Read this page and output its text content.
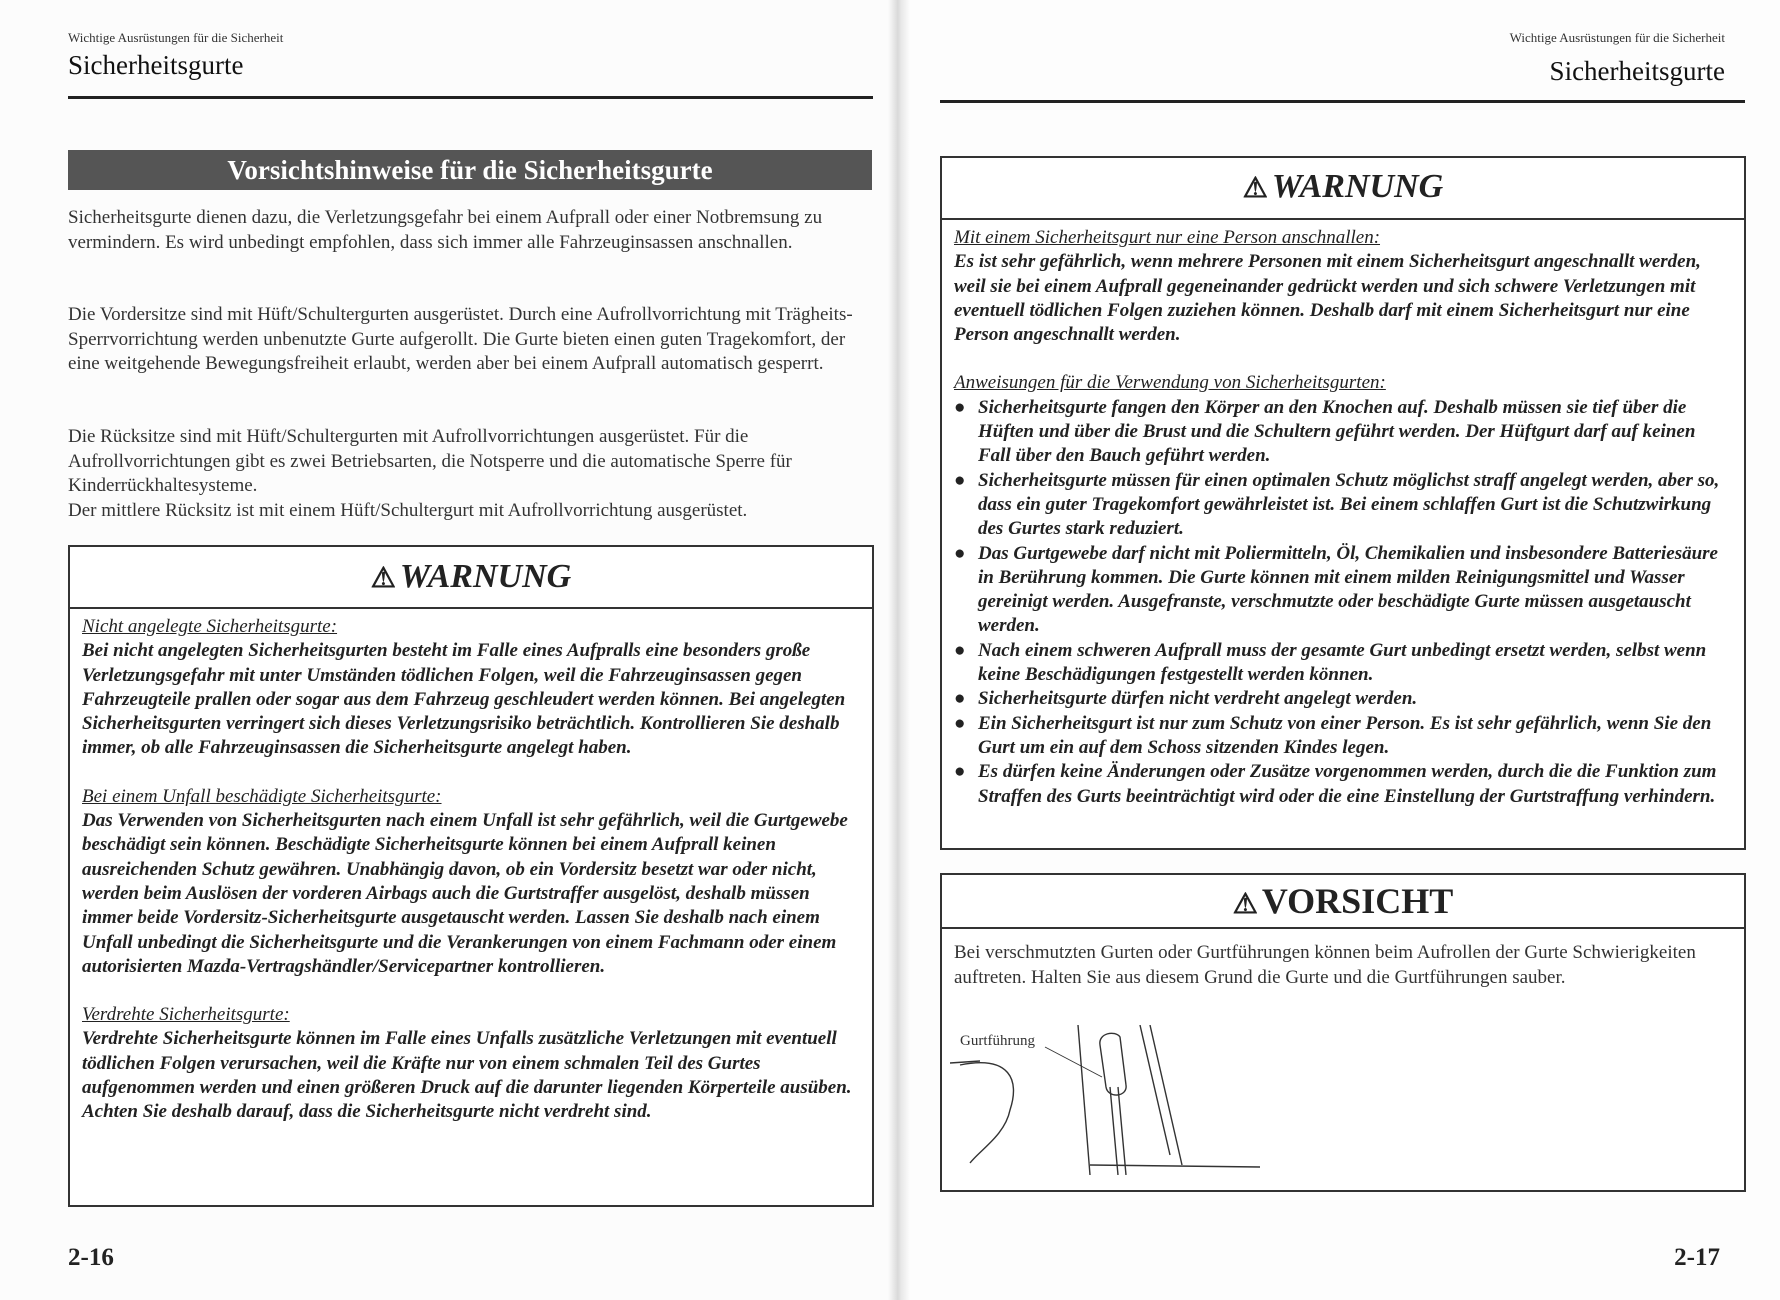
Wichtige Ausrüstungen für die Sicherheit
Sicherheitsgurte
Vorsichtshinweise für die Sicherheitsgurte

Sicherheitsgurte dienen dazu, die Verletzungsgefahr bei einem Aufprall oder einer Notbremsung zu vermindern. Es wird unbedingt empfohlen, dass sich immer alle Fahrzeuginsassen anschnallen.

Die Vordersitze sind mit Hüft/Schultergurten ausgerüstet. Durch eine Aufrollvorrichtung mit Trägheits-Sperrvorrichtung werden unbenutzte Gurte aufgerollt. Die Gurte bieten einen guten Tragekomfort, der eine weitgehende Bewegungsfreiheit erlaubt, werden aber bei einem Aufprall automatisch gesperrt.

Die Rücksitze sind mit Hüft/Schultergurten mit Aufrollvorrichtungen ausgerüstet. Für die Aufrollvorrichtungen gibt es zwei Betriebsarten, die Notsperre und die automatische Sperre für Kinderrückhaltesysteme.
Der mittlere Rücksitz ist mit einem Hüft/Schultergurt mit Aufrollvorrichtung ausgerüstet.
⚠ WARNUNG
Nicht angelegte Sicherheitsgurte:
Bei nicht angelegten Sicherheitsgurten besteht im Falle eines Aufpralls eine besonders große Verletzungsgefahr mit unter Umständen tödlichen Folgen, weil die Fahrzeuginsassen gegen Fahrzeugteile prallen oder sogar aus dem Fahrzeug geschleudert werden können. Bei angelegten Sicherheitsgurten verringert sich dieses Verletzungsrisiko beträchtlich. Kontrollieren Sie deshalb immer, ob alle Fahrzeuginsassen die Sicherheitsgurte angelegt haben.
Bei einem Unfall beschädigte Sicherheitsgurte:
Das Verwenden von Sicherheitsgurten nach einem Unfall ist sehr gefährlich, weil die Gurtgewebe beschädigt sein können. Beschädigte Sicherheitsgurte können bei einem Aufprall keinen ausreichenden Schutz gewähren. Unabhängig davon, ob ein Vordersitz besetzt war oder nicht, werden beim Auslösen der vorderen Airbags auch die Gurtstraffer ausgelöst, deshalb müssen immer beide Vordersitz-Sicherheitsgurte ausgetauscht werden. Lassen Sie deshalb nach einem Unfall unbedingt die Sicherheitsgurte und die Verankerungen von einem Fachmann oder einem autorisierten Mazda-Vertragshändler/Servicepartner kontrollieren.
Verdrehte Sicherheitsgurte:
Verdrehte Sicherheitsgurte können im Falle eines Unfalls zusätzliche Verletzungen mit eventuell tödlichen Folgen verursachen, weil die Kräfte nur von einem schmalen Teil des Gurtes aufgenommen werden und einen größeren Druck auf die darunter liegenden Körperteile ausüben. Achten Sie deshalb darauf, dass die Sicherheitsgurte nicht verdreht sind.
2-16
Wichtige Ausrüstungen für die Sicherheit
Sicherheitsgurte
⚠ WARNUNG
Mit einem Sicherheitsgurt nur eine Person anschnallen:
Es ist sehr gefährlich, wenn mehrere Personen mit einem Sicherheitsgurt angeschnallt werden, weil sie bei einem Aufprall gegeneinander gedrückt werden und sich schwere Verletzungen mit eventuell tödlichen Folgen zuziehen können. Deshalb darf mit einem Sicherheitsgurt nur eine Person angeschnallt werden.
Anweisungen für die Verwendung von Sicherheitsgurten:
● Sicherheitsgurte fangen den Körper an den Knochen auf. Deshalb müssen sie tief über die Hüften und über die Brust und die Schultern geführt werden. Der Hüftgurt darf auf keinen Fall über den Bauch geführt werden.
● Sicherheitsgurte müssen für einen optimalen Schutz möglichst straff angelegt werden, aber so, dass ein guter Tragekomfort gewährleistet ist. Bei einem schlaffen Gurt ist die Schutzwirkung des Gurtes stark reduziert.
● Das Gurtgewebe darf nicht mit Poliermitteln, Öl, Chemikalien und insbesondere Batteriesäure in Berührung kommen. Die Gurte können mit einem milden Reinigungsmittel und Wasser gereinigt werden. Ausgefranste, verschmutzte oder beschädigte Gurte müssen ausgetauscht werden.
● Nach einem schweren Aufprall muss der gesamte Gurt unbedingt ersetzt werden, selbst wenn keine Beschädigungen festgestellt werden können.
● Sicherheitsgurte dürfen nicht verdreht angelegt werden.
● Ein Sicherheitsgurt ist nur zum Schutz von einer Person. Es ist sehr gefährlich, wenn Sie den Gurt um ein auf dem Schoss sitzenden Kindes legen.
● Es dürfen keine Änderungen oder Zusätze vorgenommen werden, durch die die Funktion zum Straffen des Gurts beeinträchtigt wird oder die eine Einstellung der Gurtstraffung verhindern.
⚠ VORSICHT
Bei verschmutzten Gurten oder Gurtführungen können beim Aufrollen der Gurte Schwierigkeiten auftreten. Halten Sie aus diesem Grund die Gurte und die Gurtführungen sauber.
Gurtführung
2-17
